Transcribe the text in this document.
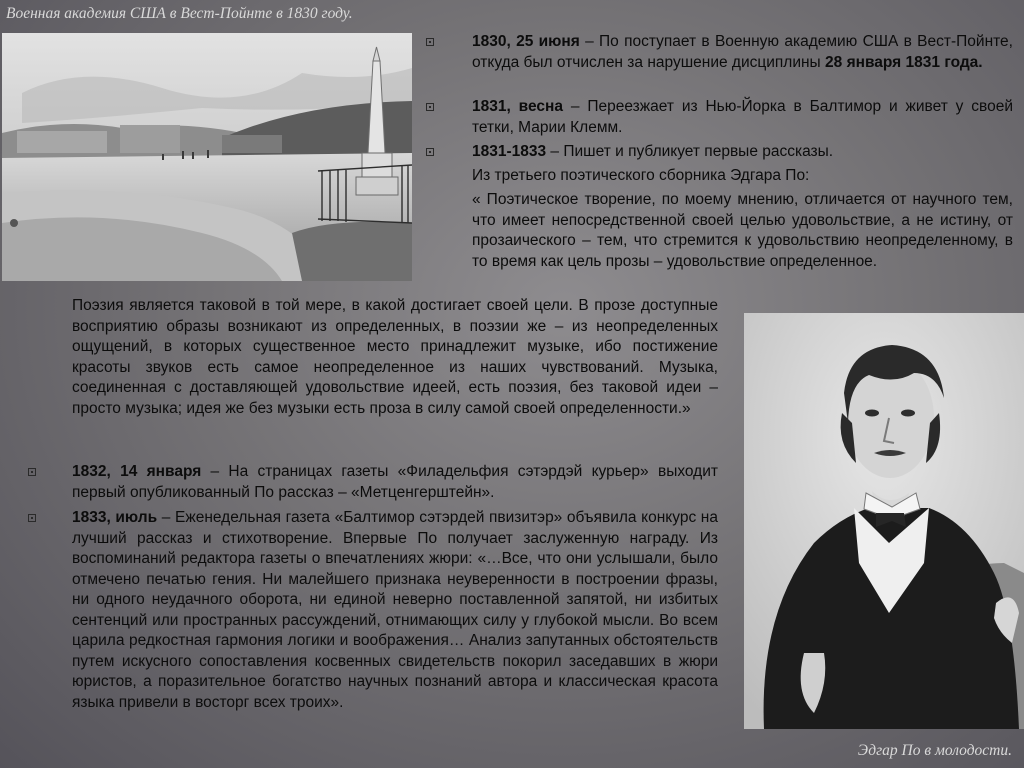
Военная академия США в Вест-Пойнте в 1830 году.

1830, 25 июня – По поступает в Военную академию США в Вест-Пойнте, откуда был отчислен за нарушение дисциплины 28 января 1831 года.

1831, весна – Переезжает из Нью-Йорка в Балтимор и живет у своей тетки, Марии Клемм.

1831-1833 – Пишет и публикует первые рассказы.

Из третьего поэтического сборника Эдгара По:

« Поэтическое творение, по моему мнению, отличается от научного тем, что имеет непосредственной своей целью удовольствие, а не истину, от прозаического – тем, что стремится к удовольствию неопределенному, в то время как цель прозы – удовольствие определенное.

Поэзия является таковой в той мере, в какой достигает своей цели. В прозе доступные восприятию образы возникают из определенных, в поэзии же – из неопределенных ощущений, в которых существенное место принадлежит музыке, ибо постижение красоты звуков есть самое неопределенное из наших чувствований. Музыка, соединенная с доставляющей удовольствие идеей, есть поэзия, без таковой идеи – просто музыка; идея же без музыки есть проза в силу самой своей определенности.»

1832, 14 января – На страницах газеты «Филадельфия сэтэрдэй курьер» выходит первый опубликованный По рассказ – «Метценгерштейн».

1833, июль – Еженедельная газета «Балтимор сэтэрдей пвизитэр» объявила конкурс на лучший рассказ и стихотворение. Впервые По получает заслуженную награду. Из воспоминаний редактора газеты о впечатлениях жюри: «…Все, что они услышали, было отмечено печатью гения. Ни малейшего признака неуверенности в построении фразы, ни одного неудачного оборота, ни единой неверно поставленной запятой, ни избитых сентенций или пространных рассуждений, отнимающих силу у глубокой мысли. Во всем царила редкостная гармония логики и воображения… Анализ запутанных обстоятельств путем искусного сопоставления косвенных свидетельств покорил заседавших в жюри юристов, а поразительное богатство научных познаний автора и классическая красота языка привели в восторг всех троих».

Эдгар По в молодости.
